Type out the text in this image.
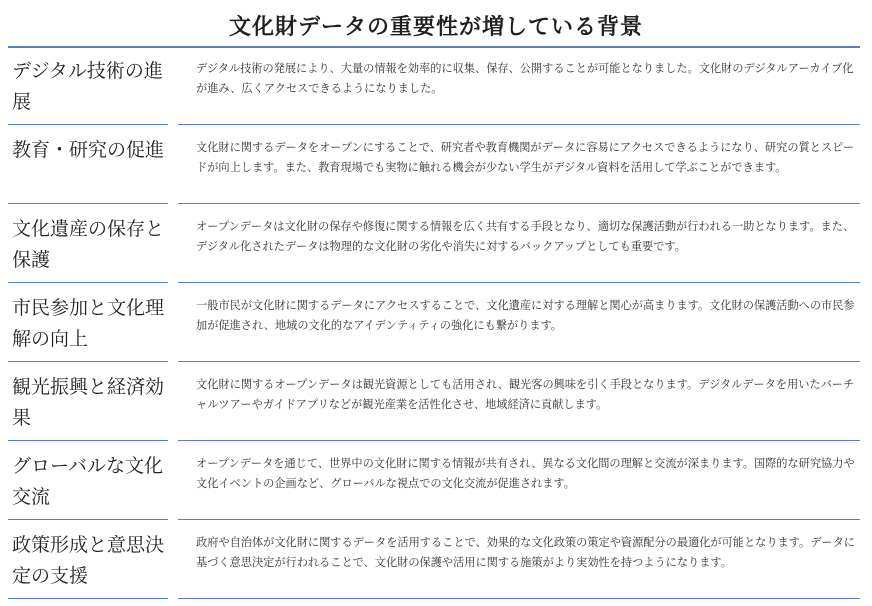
文化財データの重要性が増している背景
デジタル技術の進展
デジタル技術の発展により、大量の情報を効率的に収集、保存、公開することが可能となりました。文化財のデジタルアーカイブ化が進み、広くアクセスできるようになりました。
教育・研究の促進	文化財に関するデータをオープンにすることで、研究者や教育機関がデータに容易にアクセスできるようになり、研究の質とスピードが向上します。また、教育現場でも実物に触れる機会が少ない学生がデジタル資料を活用して学ぶことができます。
文化遺産の保存と保護
オープンデータは文化財の保存や修復に関する情報を広く共有する手段となり、適切な保護活動が行われる一助となります。また、デジタル化されたデータは物理的な文化財の劣化や消失に対するバックアップとしても重要です。
市民参加と文化理解の向上
一般市民が文化財に関するデータにアクセスすることで、文化遺産に対する理解と関心が高まります。文化財の保護活動への市民参加が促進され、地域の文化的なアイデンティティの強化にも繋がります。
観光振興と経済効果
文化財に関するオープンデータは観光資源としても活用され、観光客の興味を引く手段となります。デジタルデータを用いたバーチャルツアーやガイドアプリなどが観光産業を活性化させ、地域経済に貢献します。
グローバルな文化交流
オープンデータを通じて、世界中の文化財に関する情報が共有され、異なる文化間の理解と交流が深まります。国際的な研究協力や文化イベントの企画など、グローバルな視点での文化交流が促進されます。
政策形成と意思決定の支援
政府や自治体が文化財に関するデータを活用することで、効果的な文化政策の策定や資源配分の最適化が可能となります。データに基づく意思決定が行われることで、文化財の保護や活用に関する施策がより実効性を持つようになります。
